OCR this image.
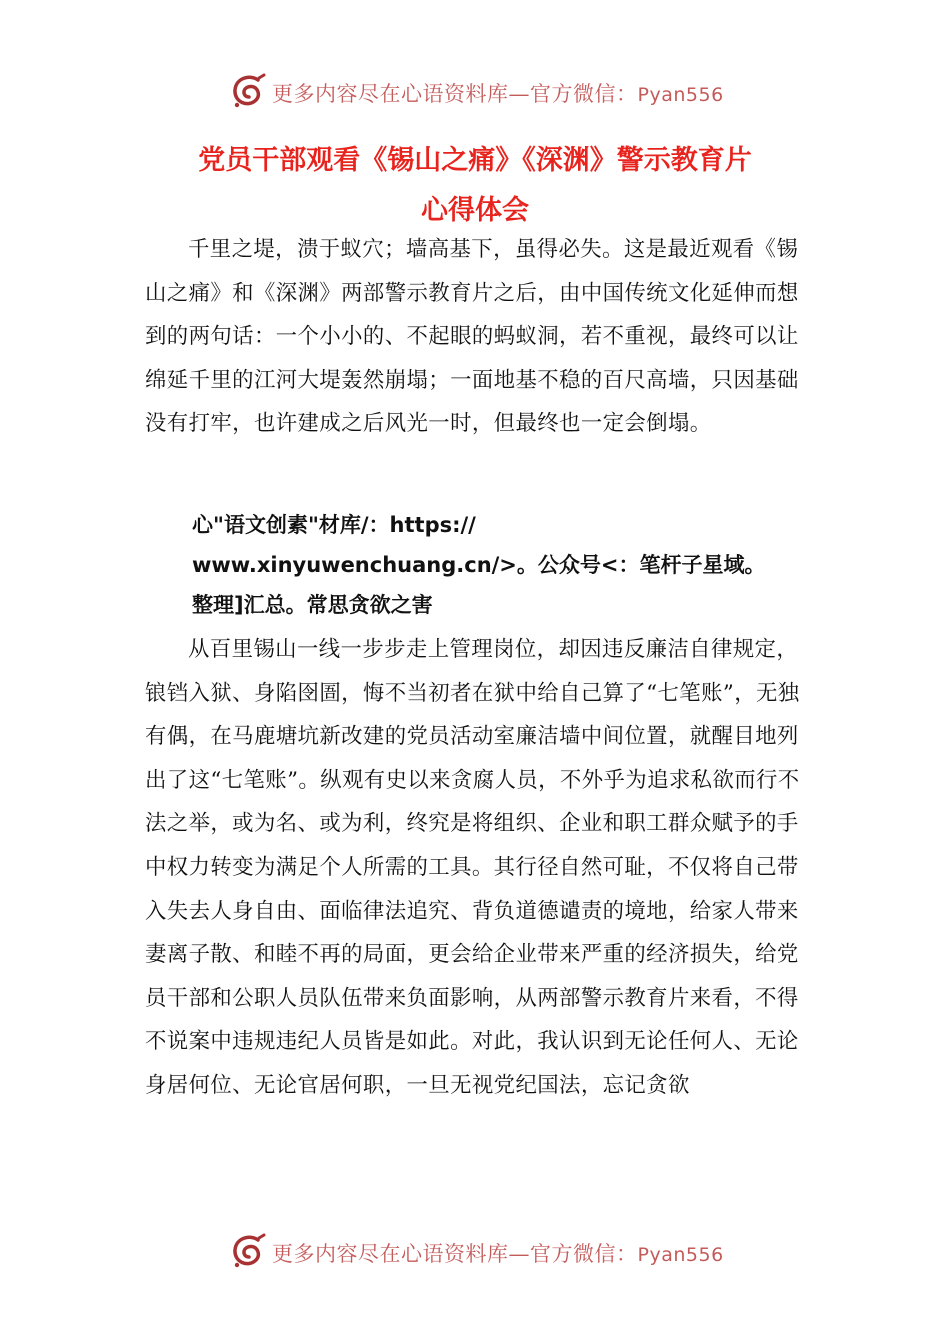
更多内容尽在心语资料库—官方微信：Pyan556
党员干部观看《锡山之痛》《深渊》警示教育片
心得体会

千里之堤，溃于蚁穴；墙高基下，虽得必失。这是最近观看《锡山之痛》和《深渊》两部警示教育片之后，由中国传统文化延伸而想到的两句话：一个小小的、不起眼的蚂蚁洞，若不重视，最终可以让绵延千里的江河大堤轰然崩塌；一面地基不稳的百尺高墙，只因基础没有打牢，也许建成之后风光一时，但最终也一定会倒塌。

心"语文创素"材库/：https://
www.xinyuwenchuang.cn/>。公众号<：笔杆子星域。
整理]汇总。常思贪欲之害

从百里锡山一线一步步走上管理岗位，却因违反廉洁自律规定，锒铛入狱、身陷囹圄，悔不当初者在狱中给自己算了“七笔账”，无独有偶，在马鹿塘坑新改建的党员活动室廉洁墙中间位置，就醒目地列出了这“七笔账”。纵观有史以来贪腐人员，不外乎为追求私欲而行不法之举，或为名、或为利，终究是将组织、企业和职工群众赋予的手中权力转变为满足个人所需的工具。其行径自然可耻，不仅将自己带入失去人身自由、面临律法追究、背负道德谴责的境地，给家人带来妻离子散、和睦不再的局面，更会给企业带来严重的经济损失，给党员干部和公职人员队伍带来负面影响，从两部警示教育片来看，不得不说案中违规违纪人员皆是如此。对此，我认识到无论任何人、无论身居何位、无论官居何职，一旦无视党纪国法，忘记贪欲

更多内容尽在心语资料库—官方微信：Pyan556
